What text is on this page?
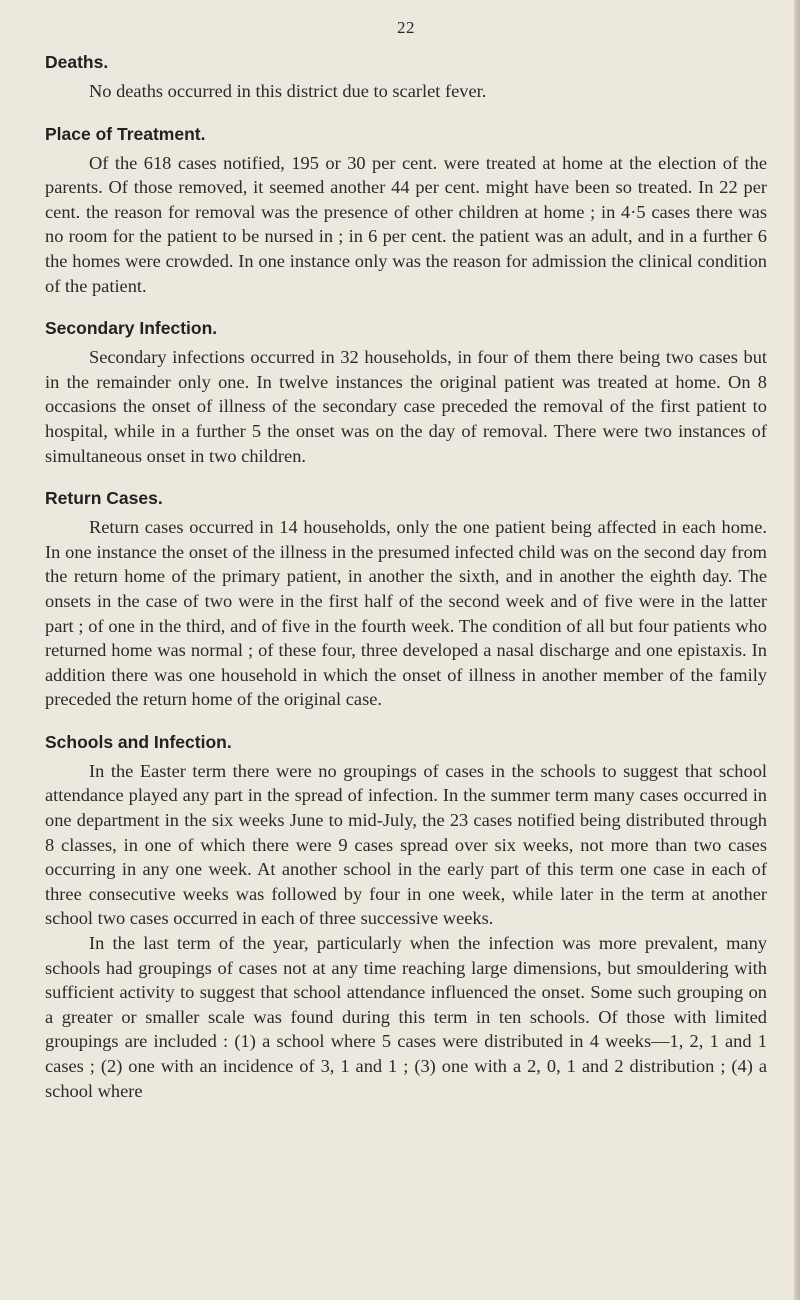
22
Deaths.

No deaths occurred in this district due to scarlet fever.

Place of Treatment.

Of the 618 cases notified, 195 or 30 per cent. were treated at home at the election of the parents. Of those removed, it seemed another 44 per cent. might have been so treated. In 22 per cent. the reason for removal was the presence of other children at home ; in 4·5 cases there was no room for the patient to be nursed in ; in 6 per cent. the patient was an adult, and in a further 6 the homes were crowded. In one instance only was the reason for admission the clinical condition of the patient.

Secondary Infection.

Secondary infections occurred in 32 households, in four of them there being two cases but in the remainder only one. In twelve instances the original patient was treated at home. On 8 occasions the onset of illness of the secondary case preceded the removal of the first patient to hospital, while in a further 5 the onset was on the day of removal. There were two instances of simultaneous onset in two children.

Return Cases.

Return cases occurred in 14 households, only the one patient being affected in each home. In one instance the onset of the illness in the presumed infected child was on the second day from the return home of the primary patient, in another the sixth, and in another the eighth day. The onsets in the case of two were in the first half of the second week and of five were in the latter part ; of one in the third, and of five in the fourth week. The condition of all but four patients who returned home was normal ; of these four, three developed a nasal discharge and one epistaxis. In addition there was one household in which the onset of illness in another member of the family preceded the return home of the original case.

Schools and Infection.

In the Easter term there were no groupings of cases in the schools to suggest that school attendance played any part in the spread of infection. In the summer term many cases occurred in one department in the six weeks June to mid-July, the 23 cases notified being distributed through 8 classes, in one of which there were 9 cases spread over six weeks, not more than two cases occurring in any one week. At another school in the early part of this term one case in each of three consecutive weeks was followed by four in one week, while later in the term at another school two cases occurred in each of three successive weeks.

In the last term of the year, particularly when the infection was more prevalent, many schools had groupings of cases not at any time reaching large dimensions, but smouldering with sufficient activity to suggest that school attendance influenced the onset. Some such grouping on a greater or smaller scale was found during this term in ten schools. Of those with limited groupings are included : (1) a school where 5 cases were distributed in 4 weeks—1, 2, 1 and 1 cases ; (2) one with an incidence of 3, 1 and 1 ; (3) one with a 2, 0, 1 and 2 distribution ; (4) a school where
